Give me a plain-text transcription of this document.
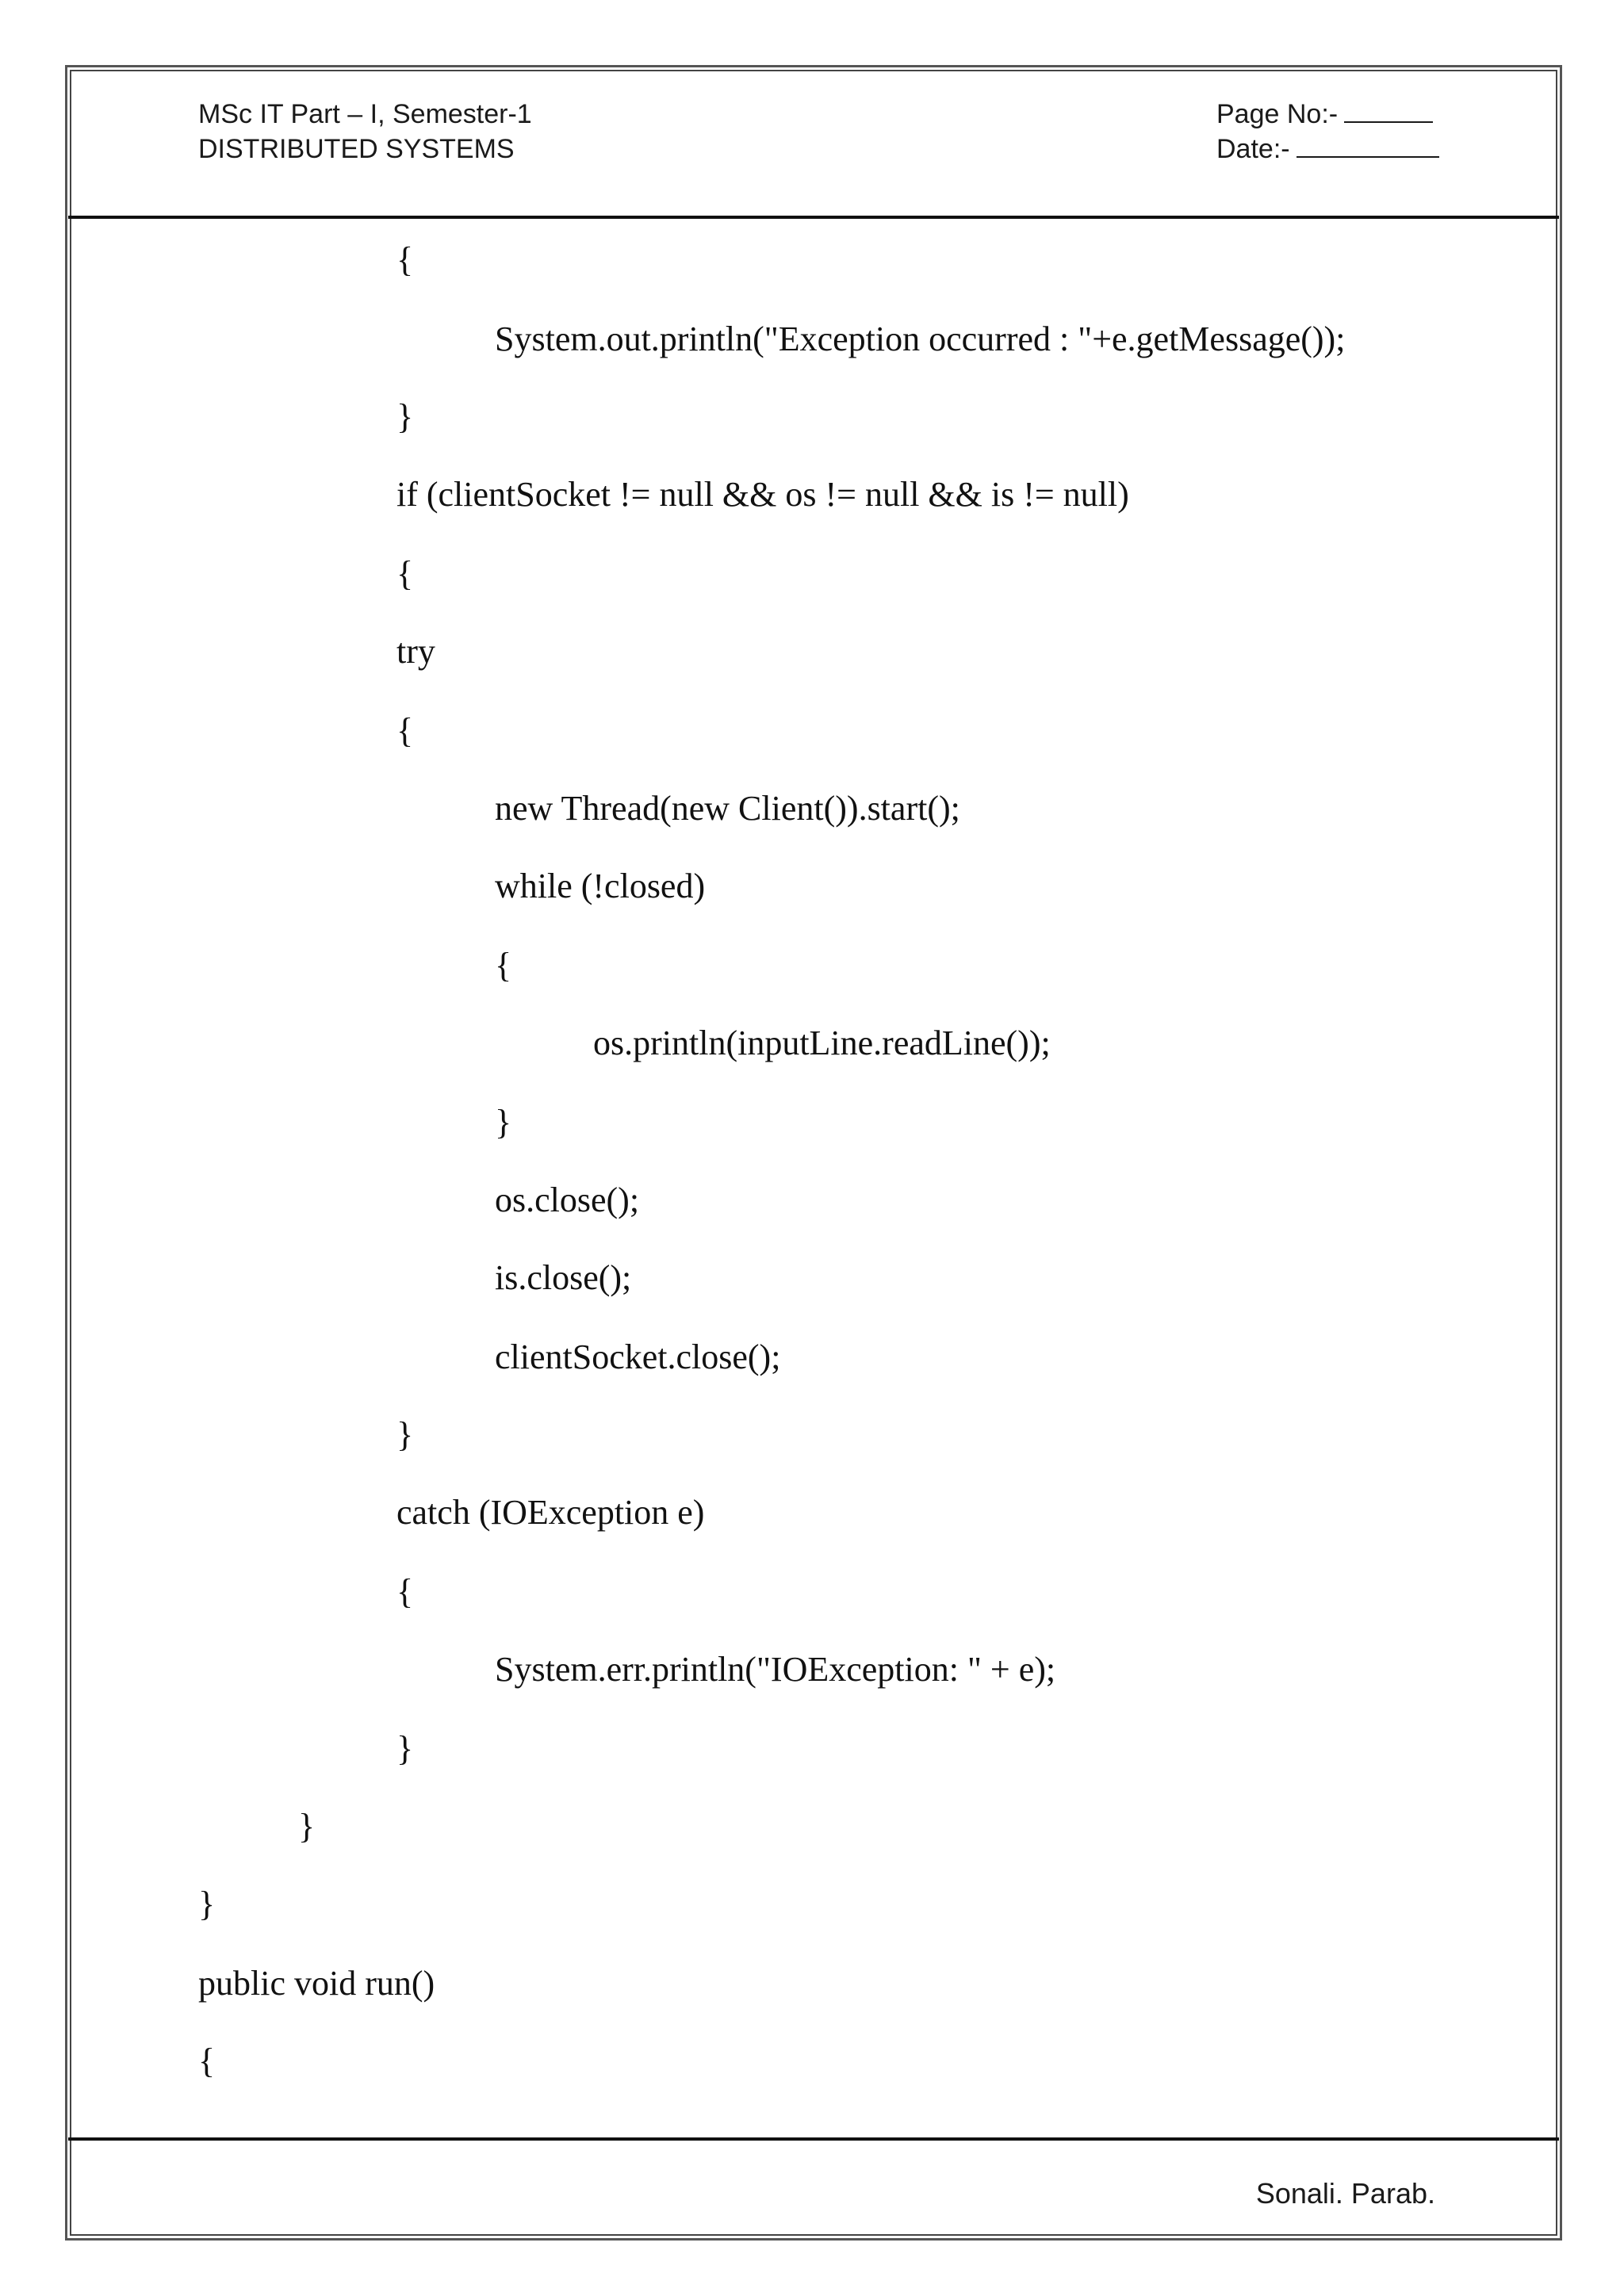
MSc IT Part – I, Semester-1
DISTRIBUTED SYSTEMS
Page No:-
Date:-
{
System.out.println("Exception occurred : "+e.getMessage());
}
if (clientSocket != null && os != null && is != null)
{
try
{
new Thread(new Client()).start();
while (!closed)
{
os.println(inputLine.readLine());
}
os.close();
is.close();
clientSocket.close();
}
catch (IOException e)
{
System.err.println("IOException: " + e);
}
}
}
public void run()
{
Sonali. Parab.
